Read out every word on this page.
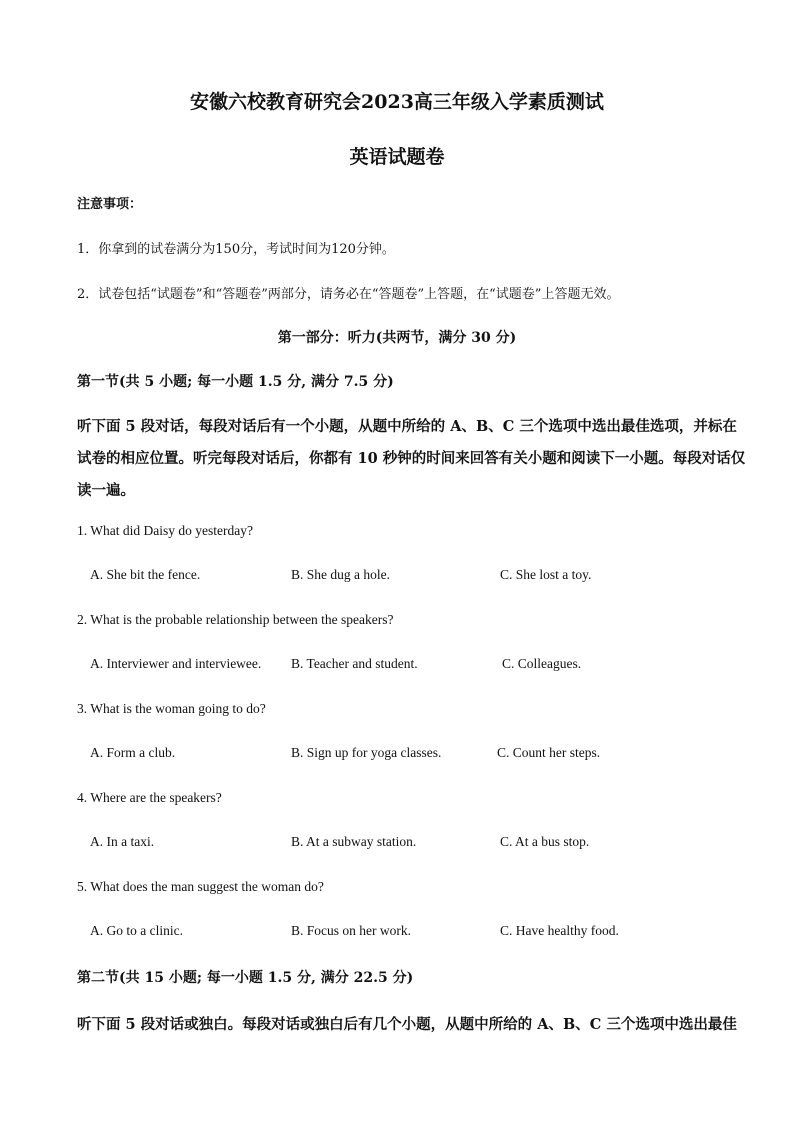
安徽六校教育研究会2023高三年级入学素质测试
英语试题卷
注意事项：
1．你拿到的试卷满分为150分，考试时间为120分钟。
2．试卷包括“试题卷”和“答题卷”两部分，请务必在“答题卷”上答题，在“试题卷”上答题无效。
第一部分：听力(共两节，满分 30 分)
第一节(共 5 小题; 每一小题 1.5 分, 满分 7.5 分)
听下面 5 段对话，每段对话后有一个小题，从题中所给的 A、B、C 三个选项中选出最佳选项，并标在
试卷的相应位置。听完每段对话后，你都有 10 秒钟的时间来回答有关小题和阅读下一小题。每段对话仅
读一遍。
1. What did Daisy do yesterday?
A. She bit the fence.	B. She dug a hole.	C. She lost a toy.
2. What is the probable relationship between the speakers?
A. Interviewer and interviewee. B. Teacher and student.	C. Colleagues.
3. What is the woman going to do?
A. Form a club.	B. Sign up for yoga classes.	C. Count her steps.
4. Where are the speakers?
A. In a taxi.	B. At a subway station.	C. At a bus stop.
5. What does the man suggest the woman do?
A. Go to a clinic.	B. Focus on her work.	C. Have healthy food.
第二节(共 15 小题; 每一小题 1.5 分, 满分 22.5 分)
听下面 5 段对话或独白。每段对话或独白后有几个小题，从题中所给的 A、B、C 三个选项中选出最佳
